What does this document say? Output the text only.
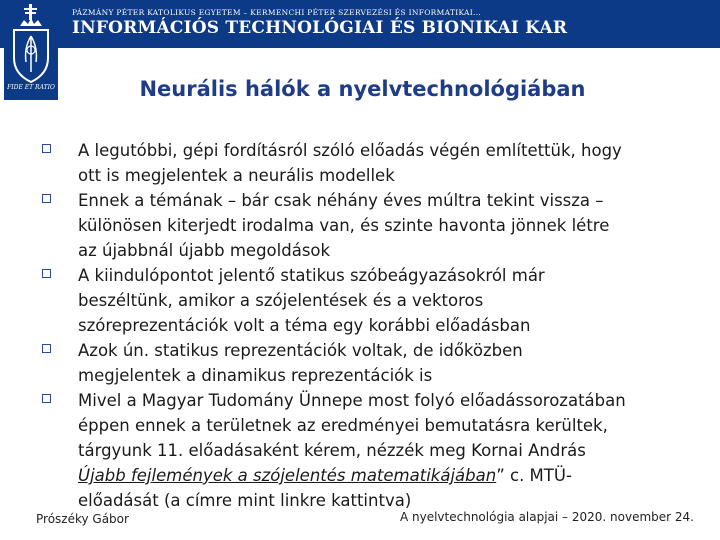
PÁZMÁNY PÉTER KATOLIKUS EGYETEM – KERMENCHI PÉTER SZERVEZÉSI ÉS INFORMATIKAI...
INFORMÁCIÓS TECHNOLÓGIAI ÉS BIONIKAI KAR
FIDE ET RATIO	Neurális hálók a nyelvtechnológiában
A legutóbbi, gépi fordításról szóló előadás végén említettük, hogy
ott is megjelentek a neurális modellek
Ennek a témának – bár csak néhány éves múltra tekint vissza –
különösen kiterjedt irodalma van, és szinte havonta jönnek létre
az újabbnál újabb megoldások
A kiindulópontot jelentő statikus szóbeágyazásokról már
beszéltünk, amikor a szójelentések és a vektoros
szóreprezentációk volt a téma egy korábbi előadásban
Azok ún. statikus reprezentációk voltak, de időközben
megjelentek a dinamikus reprezentációk is
Mivel a Magyar Tudomány Ünnepe most folyó előadássorozatában
éppen ennek a területnek az eredményei bemutatásra kerültek,
tárgyunk 11. előadásaként kérem, nézzék meg Kornai András
Újabb fejlemények a szójelentés matematikájában” c. MTÜ-
előadását (a címre mint linkre kattintva)
Prószéky Gábor	A nyelvtechnológia alapjai – 2020. november 24.
